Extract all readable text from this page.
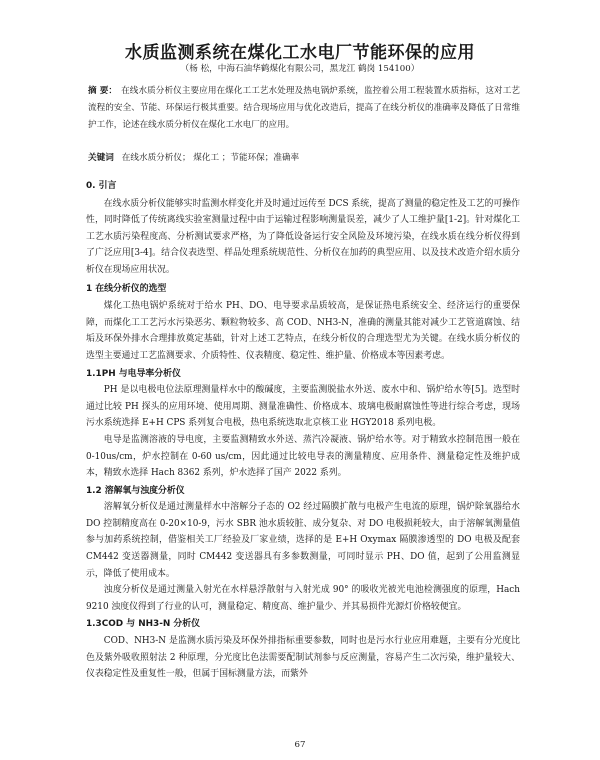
水质监测系统在煤化工水电厂节能环保的应用
（杨 松，中海石油华鹤煤化有限公司，黑龙江 鹤岗 154100）
摘 要： 在线水质分析仪主要应用在煤化工工艺水处理及热电锅炉系统，监控着公用工程装置水质指标，这对工艺流程的安全、节能、环保运行极其重要。结合现场应用与优化改造后，提高了在线分析仪的准确率及降低了日常维护工作，论述在线水质分析仪在煤化工水电厂的应用。
关键词 在线水质分析仪； 煤化工 ；节能环保；准确率
0. 引言

在线水质分析仪能够实时监测水样变化并及时通过远传至 DCS 系统，提高了测量的稳定性及工艺的可操作性，同时降低了传统离线实验室测量过程中由于运输过程影响测量误差，减少了人工维护量[1-2]。针对煤化工工艺水质污染程度高、分析测试要求严格，为了降低设备运行安全风险及环境污染，在线水质在线分析仪得到了广泛应用[3-4]。结合仪表选型、样品处理系统规范性、分析仪在加药的典型应用、以及技术改造介绍水质分析仪在现场应用状况。

1 在线分析仪的选型

煤化工热电锅炉系统对于给水 PH、DO、电导要求品质较高，是保证热电系统安全、经济运行的重要保障，而煤化工工艺污水污染恶劣、颗粒物较多、高 COD、NH3-N，准确的测量其能对减少工艺管道腐蚀、结垢及环保外排水合理排放奠定基础，针对上述工艺特点，在线分析仪的合理选型尤为关键。在线水质分析仪的选型主要通过工艺监测要求、介质特性、仪表精度、稳定性、维护量、价格成本等因素考虑。

1.1PH 与电导率分析仪

PH 是以电极电位法原理测量样水中的酸碱度，主要监测脱盐水外送、废水中和、锅炉给水等[5]。选型时通过比较 PH 探头的应用环境、使用周期、测量准确性、价格成本、玻璃电极耐腐蚀性等进行综合考虑，现场污水系统选择 E+H CPS 系列复合电极，热电系统选取北京核工业 HGY2018 系列电极。

电导是监测溶液的导电度，主要监测精致水外送、蒸汽冷凝液、锅炉给水等。对于精致水控制范围一般在 0-10us/cm，炉水控制在 0-60 us/cm，因此通过比较电导表的测量精度、应用条件、测量稳定性及维护成本，精致水选择 Hach 8362 系列，炉水选择了国产 2022 系列。

1.2 溶解氧与浊度分析仪

溶解氧分析仪是通过测量样水中溶解分子态的 O2 经过隔膜扩散与电极产生电流的原理，锅炉除氧器给水 DO 控制精度高在 0-20×10-9，污水 SBR 池水质较脏、成分复杂、对 DO 电极损耗较大，由于溶解氧测量值参与加药系统控制，借鉴相关工厂经验及厂家业绩，选择的是 E+H Oxymax 隔膜渗透型的 DO 电极及配套 CM442 变送器测量，同时 CM442 变送器具有多参数测量，可同时显示 PH、DO 值，起到了公用监测显示，降低了使用成本。

浊度分析仪是通过测量入射光在水样悬浮散射与入射光成 90° 的吸收光被光电池检测强度的原理，Hach 9210 浊度仪得到了行业的认可，测量稳定、精度高、维护量少、并其易损件光源灯价格较便宜。

1.3COD 与 NH3-N 分析仪

COD、NH3-N 是监测水质污染及环保外排指标重要参数，同时也是污水行业应用难题，主要有分光度比色及紫外吸收照射法 2 种原理，分光度比色法需要配制试剂参与反应测量，容易产生二次污染，维护量较大、仪表稳定性及重复性一般，但属于国标测量方法，而紫外

67
